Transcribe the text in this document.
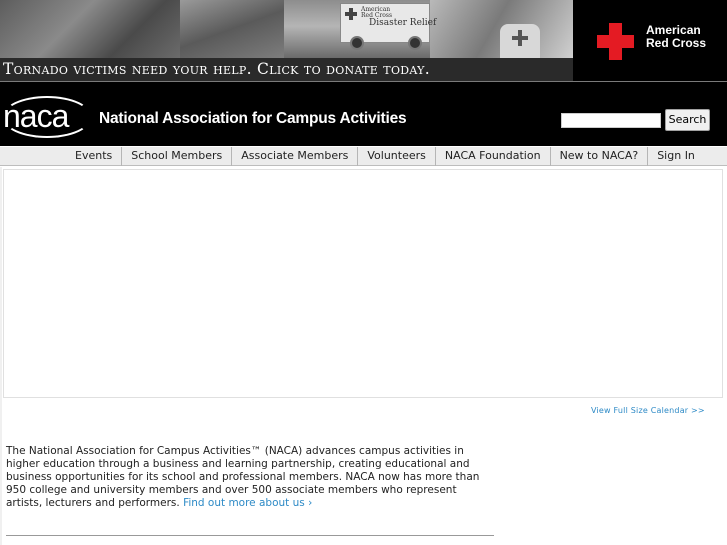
American Red Cross
Disaster Relief
Tornado victims need your help. Click to donate today.
American
Red Cross
naca National Association for Campus Activities	Search
Events	School Members	Associate Members	Volunteers	NACA Foundation	New to NACA?	Sign In
View Full Size Calendar >>
The National Association for Campus Activities™ (NACA) advances campus activities in higher education through a business and learning partnership, creating educational and business opportunities for its school and professional members. NACA now has more than 950 college and university members and over 500 associate members who represent artists, lecturers and performers. Find out more about us ›
